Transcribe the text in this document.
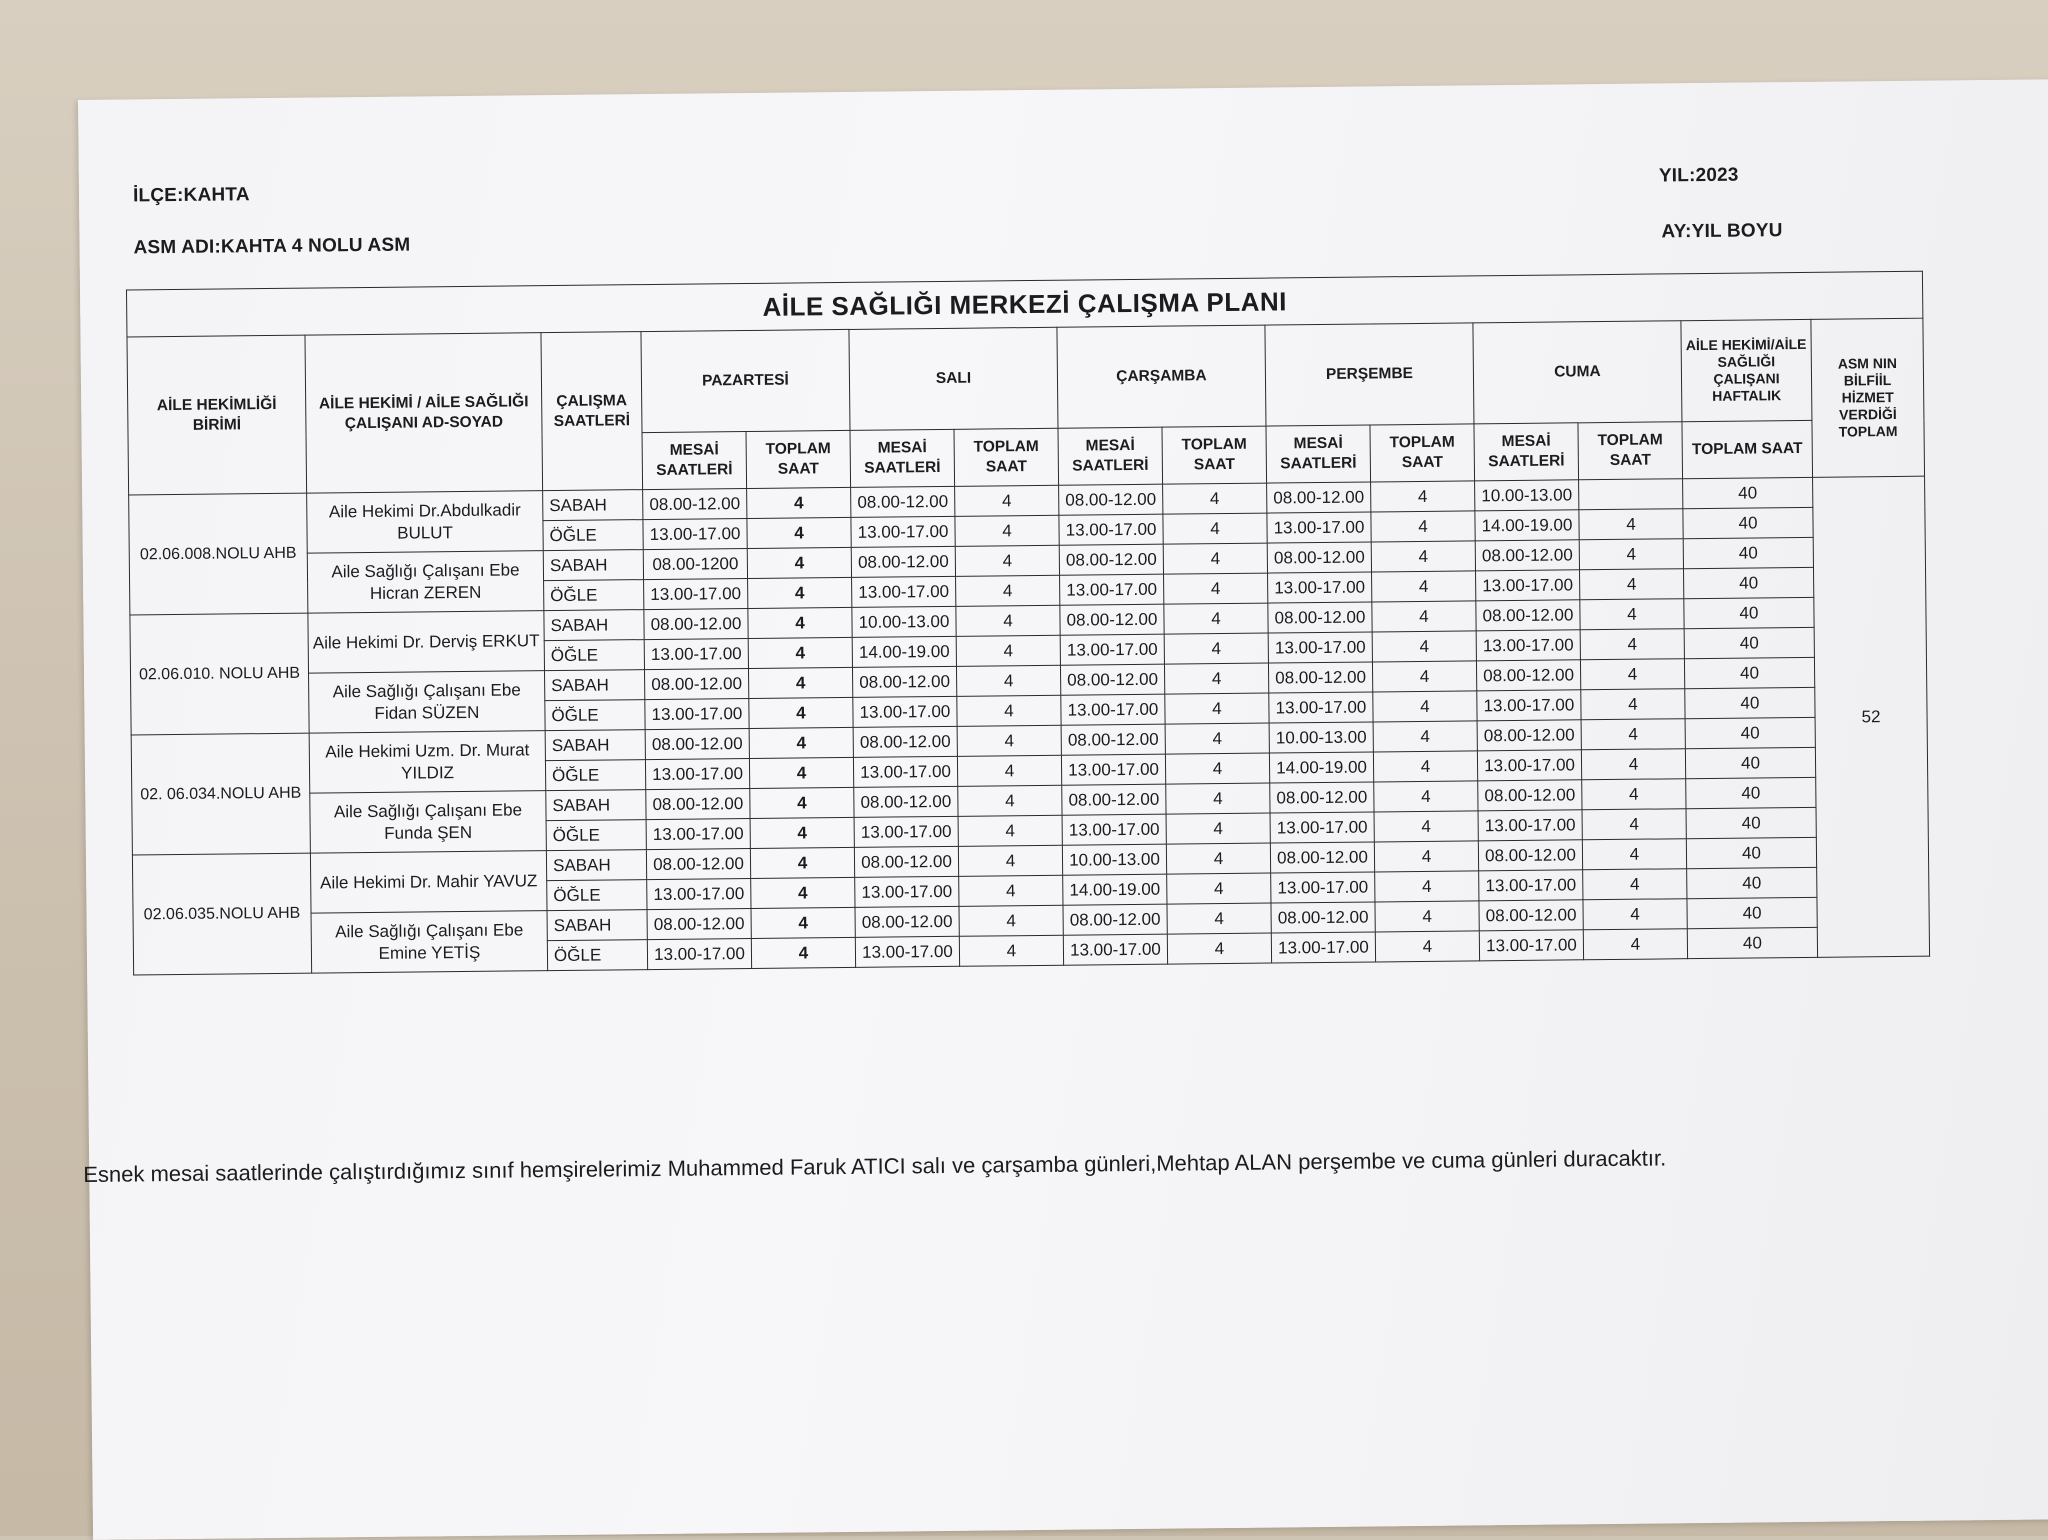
İLÇE:KAHTA
ASM ADI:KAHTA 4 NOLU ASM
YIL:2023
AY:YIL BOYU
AİLE SAĞLIĞI MERKEZİ ÇALIŞMA PLANI														
AİLE HEKİMLİĞİ BİRİMİ	AİLE HEKİMİ / AİLE SAĞLIĞI ÇALIŞANI AD-SOYAD	ÇALIŞMA SAATLERİ	PAZARTESİ		SALI		ÇARŞAMBA		PERŞEMBE		CUMA		AİLE HEKİMİ/AİLE SAĞLIĞI ÇALIŞANI HAFTALIK	ASM NIN BİLFİİL HİZMET VERDİĞİ TOPLAM
			MESAİ SAATLERİ	TOPLAM SAAT	MESAİ SAATLERİ	TOPLAM SAAT	MESAİ SAATLERİ	TOPLAM SAAT	MESAİ SAATLERİ	TOPLAM SAAT	MESAİ SAATLERİ	TOPLAM SAAT	TOPLAM SAAT	
02.06.008.NOLU AHB	Aile Hekimi Dr.Abdulkadir BULUT	SABAH	08.00-12.00	4	08.00-12.00	4	08.00-12.00	4	08.00-12.00	4	10.00-13.00		40	52
		ÖĞLE	13.00-17.00	4	13.00-17.00	4	13.00-17.00	4	13.00-17.00	4	14.00-19.00	4	40	
	Aile Sağlığı Çalışanı Ebe Hicran ZEREN	SABAH	08.00-1200	4	08.00-12.00	4	08.00-12.00	4	08.00-12.00	4	08.00-12.00	4	40	
		ÖĞLE	13.00-17.00	4	13.00-17.00	4	13.00-17.00	4	13.00-17.00	4	13.00-17.00	4	40	
02.06.010. NOLU AHB	Aile Hekimi Dr. Derviş ERKUT	SABAH	08.00-12.00	4	10.00-13.00	4	08.00-12.00	4	08.00-12.00	4	08.00-12.00	4	40	
		ÖĞLE	13.00-17.00	4	14.00-19.00	4	13.00-17.00	4	13.00-17.00	4	13.00-17.00	4	40	
	Aile Sağlığı Çalışanı Ebe Fidan SÜZEN	SABAH	08.00-12.00	4	08.00-12.00	4	08.00-12.00	4	08.00-12.00	4	08.00-12.00	4	40	
		ÖĞLE	13.00-17.00	4	13.00-17.00	4	13.00-17.00	4	13.00-17.00	4	13.00-17.00	4	40	
02. 06.034.NOLU AHB	Aile Hekimi Uzm. Dr. Murat YILDIZ	SABAH	08.00-12.00	4	08.00-12.00	4	08.00-12.00	4	10.00-13.00	4	08.00-12.00	4	40	
		ÖĞLE	13.00-17.00	4	13.00-17.00	4	13.00-17.00	4	14.00-19.00	4	13.00-17.00	4	40	
	Aile Sağlığı Çalışanı Ebe Funda ŞEN	SABAH	08.00-12.00	4	08.00-12.00	4	08.00-12.00	4	08.00-12.00	4	08.00-12.00	4	40	
		ÖĞLE	13.00-17.00	4	13.00-17.00	4	13.00-17.00	4	13.00-17.00	4	13.00-17.00	4	40	
02.06.035.NOLU AHB	Aile Hekimi Dr. Mahir YAVUZ	SABAH	08.00-12.00	4	08.00-12.00	4	10.00-13.00	4	08.00-12.00	4	08.00-12.00	4	40	
		ÖĞLE	13.00-17.00	4	13.00-17.00	4	14.00-19.00	4	13.00-17.00	4	13.00-17.00	4	40	
	Aile Sağlığı Çalışanı Ebe Emine YETİŞ	SABAH	08.00-12.00	4	08.00-12.00	4	08.00-12.00	4	08.00-12.00	4	08.00-12.00	4	40	
		ÖĞLE	13.00-17.00	4	13.00-17.00	4	13.00-17.00	4	13.00-17.00	4	13.00-17.00	4	40	
Esnek mesai saatlerinde çalıştırdığımız sınıf hemşirelerimiz Muhammed Faruk ATICI salı ve çarşamba günleri,Mehtap ALAN perşembe ve cuma günleri duracaktır.
